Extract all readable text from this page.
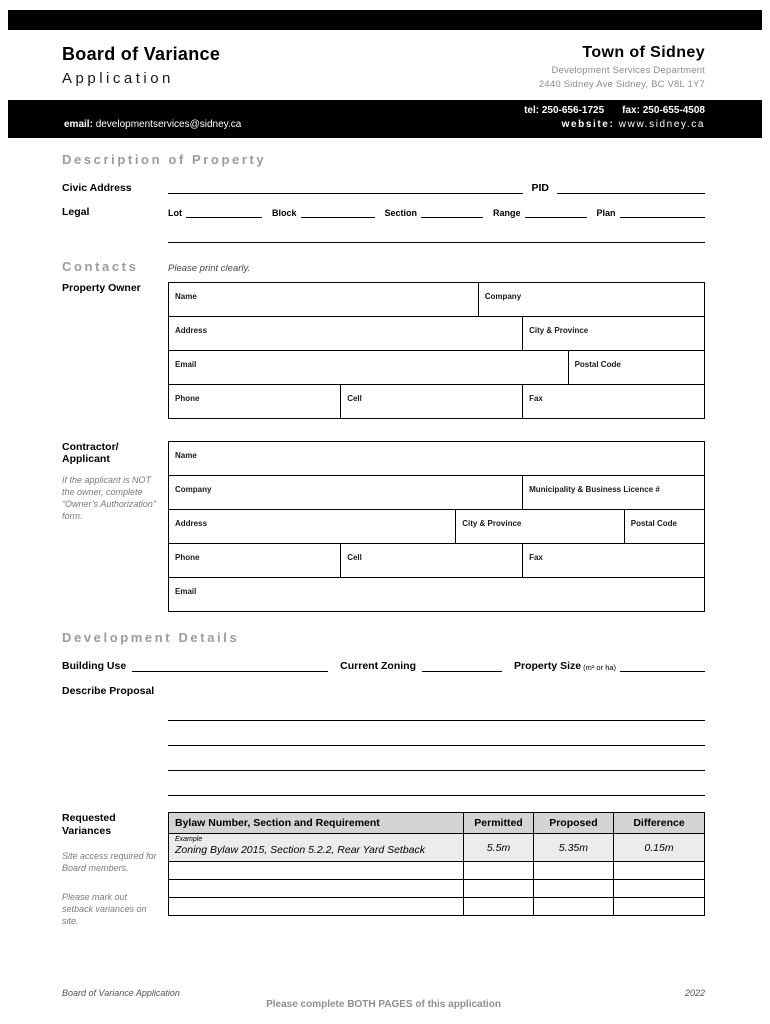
Board of Variance
Application
Town of Sidney
Development Services Department
2440 Sidney Ave Sidney, BC V8L 1Y7
tel:
250-656-1725 fax:
250-655-4508
email: developmentservices@sidney.ca	website: www.sidney.ca
Description of Property
Civic Address	PID
Legal	Lot	Block	Section	Range	Plan
Contacts	Please print clearly.
Property Owner
Name	Company
Address	City & Province
Email	Postal Code
Phone	Cell	Fax
Contractor/
Applicant
If the applicant is NOT the owner, complete “Owner’s Authorization” form.
Name
Company	Municipality & Business Licence #
Address	City & Province	Postal Code
Phone	Cell	Fax
Email
Development Details
Building Use	Current Zoning	Property Size (m² or ha)
Describe Proposal
Requested
Variances
Site access required for Board members.
Please mark out setback variances on site.
Bylaw Number, Section and Requirement	Permitted	Proposed	Difference
Example
Zoning Bylaw 2015, Section 5.2.2, Rear Yard Setback	5.5m	5.35m	0.15m
Board of Variance Application	2022
Please complete BOTH PAGES of this application
